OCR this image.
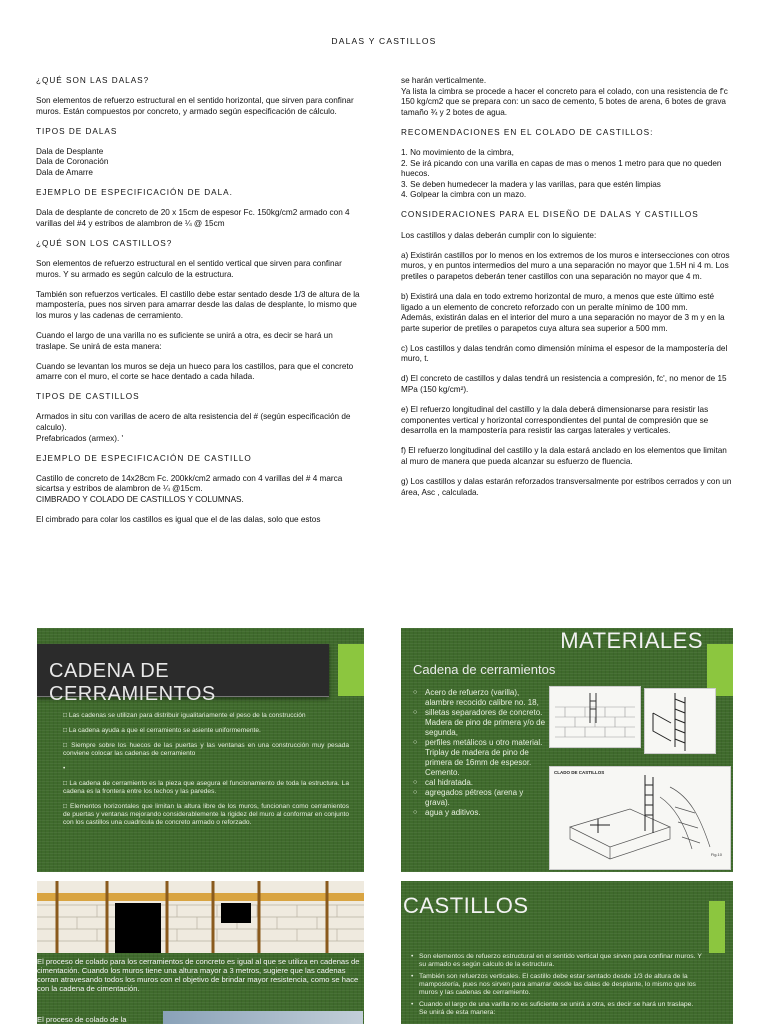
DALAS Y CASTILLOS
¿QUÉ SON LAS DALAS?

Son elementos de refuerzo estructural en el sentido horizontal, que sirven para confinar muros. Están compuestos por concreto, y armado según especificación de cálculo.

TIPOS DE DALAS

Dala de Desplante
Dala de Coronación
Dala de Amarre

EJEMPLO DE ESPECIFICACIÓN DE DALA.

Dala de desplante de concreto de 20 x 15cm de espesor Fc. 150kg/cm2 armado con 4 varillas del #4 y estribos de alambron de ¼ @ 15cm

¿QUÉ SON LOS CASTILLOS?

Son elementos de refuerzo estructural en el sentido vertical que sirven para confinar muros. Y su armado es según calculo de la estructura.

También son refuerzos verticales. El castillo debe estar sentado desde 1/3 de altura de la mampostería, pues nos sirven para amarrar desde las dalas de desplante, lo mismo que los muros y las cadenas de cerramiento.

Cuando el largo de una varilla no es suficiente se unirá a otra, es decir se hará un traslape. Se unirá de esta manera:

Cuando se levantan los muros se deja un hueco para los castillos, para que el concreto amarre con el muro, el corte se hace dentado a cada hilada.

TIPOS DE CASTILLOS

Armados in situ con varillas de acero de alta resistencia del # (según especificación de calculo).
Prefabricados (armex). '

EJEMPLO DE ESPECIFICACIÓN DE CASTILLO

Castillo de concreto de 14x28cm Fc. 200kk/cm2 armado con 4 varillas del # 4 marca sicartsa y estribos de alambron de ¼ @15cm.
CIMBRADO Y COLADO DE CASTILLOS Y COLUMNAS.

El cimbrado para colar los castillos es igual que el de las dalas, solo que estos

se harán verticalmente.
Ya lista la cimbra se procede a hacer el concreto para el colado, con una resistencia de f'c 150 kg/cm2 que se prepara con: un saco de cemento, 5 botes de arena, 6 botes de grava tamaño ¾ y 2 botes de agua.

RECOMENDACIONES EN EL COLADO DE CASTILLOS:

1. No movimiento de la cimbra,
2. Se irá picando con una varilla en capas de mas o menos 1 metro para que no queden huecos.
3. Se deben humedecer la madera y las varillas, para que estén limpias
4. Golpear la cimbra con un mazo.

CONSIDERACIONES PARA EL DISEÑO DE DALAS Y CASTILLOS

Los castillos y dalas deberán cumplir con lo siguiente:

a) Existirán castillos por lo menos en los extremos de los muros e intersecciones con otros muros, y en puntos intermedios del muro a una separación no mayor que 1.5H ni 4 m. Los pretiles o parapetos deberán tener castillos con una separación no mayor que 4 m.

b) Existirá una dala en todo extremo horizontal de muro, a menos que este último esté ligado a un elemento de concreto reforzado con un peralte mínimo de 100 mm.
Además, existirán dalas en el interior del muro a una separación no mayor de 3 m y en la parte superior de pretiles o parapetos cuya altura sea superior a 500 mm.

c) Los castillos y dalas tendrán como dimensión mínima el espesor de la mampostería del muro, t.

d) El concreto de castillos y dalas tendrá un resistencia a compresión, fc', no menor de 15 MPa (150 kg/cm²).

e) El refuerzo longitudinal del castillo y la dala deberá dimensionarse para resistir las componentes vertical y horizontal correspondientes del puntal de compresión que se desarrolla en la mampostería para resistir las cargas laterales y verticales.

f) El refuerzo longitudinal del castillo y la dala estará anclado en los elementos que limitan al muro de manera que pueda alcanzar su esfuerzo de fluencia.

g) Los castillos y dalas estarán reforzados transversalmente por estribos cerrados y con un área, Asc , calculada.

CADENA DE CERRAMIENTOS
□ Las cadenas se utilizan para distribuir igualitariamente el peso de la construcción
□ La cadena ayuda a que el cerramiento se asiente uniformemente.
□ Siempre sobre los huecos de las puertas y las ventanas en una construcción muy pesada conviene colocar las cadenas de cerramiento
•
□ La cadena de cerramiento es la pieza que asegura el funcionamiento de toda la estructura. La cadena es la frontera entre los techos y las paredes.
□ Elementos horizontales que limitan la altura libre de los muros, funcionan como cerramientos de puertas y ventanas mejorando considerablemente la rigidez del muro al conformar en conjunto con los castillos una cuadricula de concreto armado o reforzado.
MATERIALES
Cadena de cerramientos
○ Acero de refuerzo (varilla), alambre recocido calibre no. 18,
○ silletas separadores de concreto. Madera de pino de primera y/o de segunda,
○ perfiles metálicos u otro material. Triplay de madera de pino de primera de 16mm de espesor. Cemento.
○ cal hidratada.
○ agregados pétreos (arena y grava).
○ agua y aditivos.
CLADO DE CASTILLOS
Fig.10
El proceso de colado para los cerramientos de concreto es igual al que se utiliza en cadenas de cimentación. Cuando los muros tiene una altura mayor a 3 metros, sugiere que las cadenas corran atravesando todos los muros con el objetivo de brindar mayor resistencia, como se hace con la cadena de cimentación.
El proceso de colado de la
CASTILLOS
• Son elementos de refuerzo estructural en el sentido vertical que sirven para confinar muros. Y su armado es según calculo de la estructura.
• También son refuerzos verticales. El castillo debe estar sentado desde 1/3 de altura de la mampostería, pues nos sirven para amarrar desde las dalas de desplante, lo mismo que los muros y las cadenas de cerramiento.
• Cuando el largo de una varilla no es suficiente se unirá a otra, es decir se hará un traslape. Se unirá de esta manera:
